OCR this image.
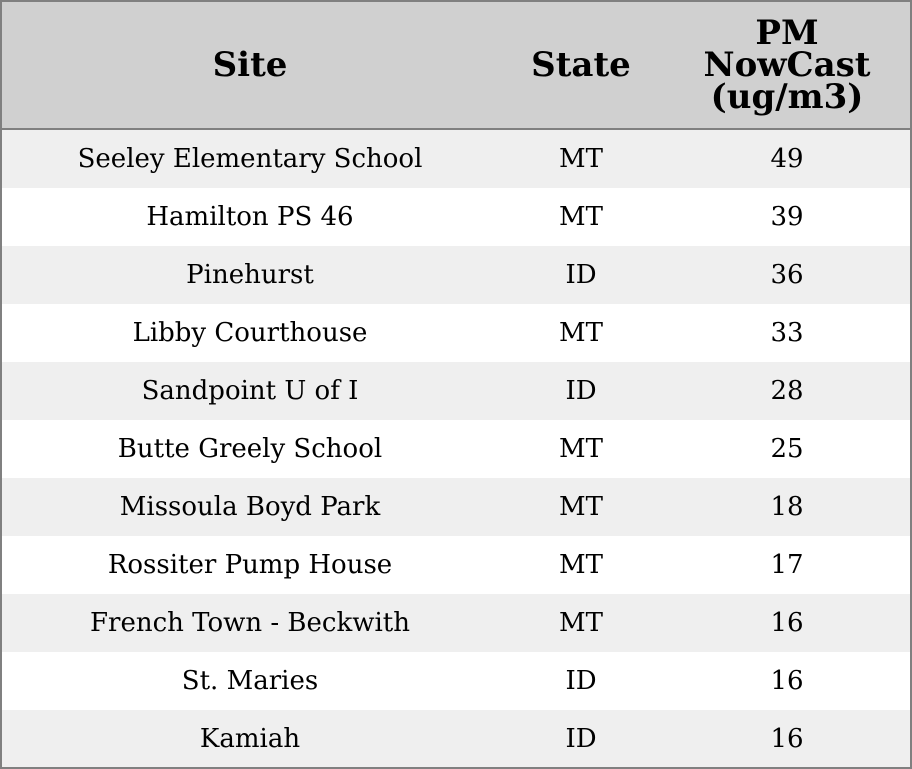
Site	State	PM
NowCast
(ug/m3)

Seeley Elementary School	MT	49
Hamilton PS 46	MT	39
Pinehurst	ID	36
Libby Courthouse	MT	33
Sandpoint U of I	ID	28
Butte Greely School	MT	25
Missoula Boyd Park	MT	18
Rossiter Pump House	MT	17
French Town - Beckwith	MT	16
St. Maries	ID	16
Kamiah	ID	16
